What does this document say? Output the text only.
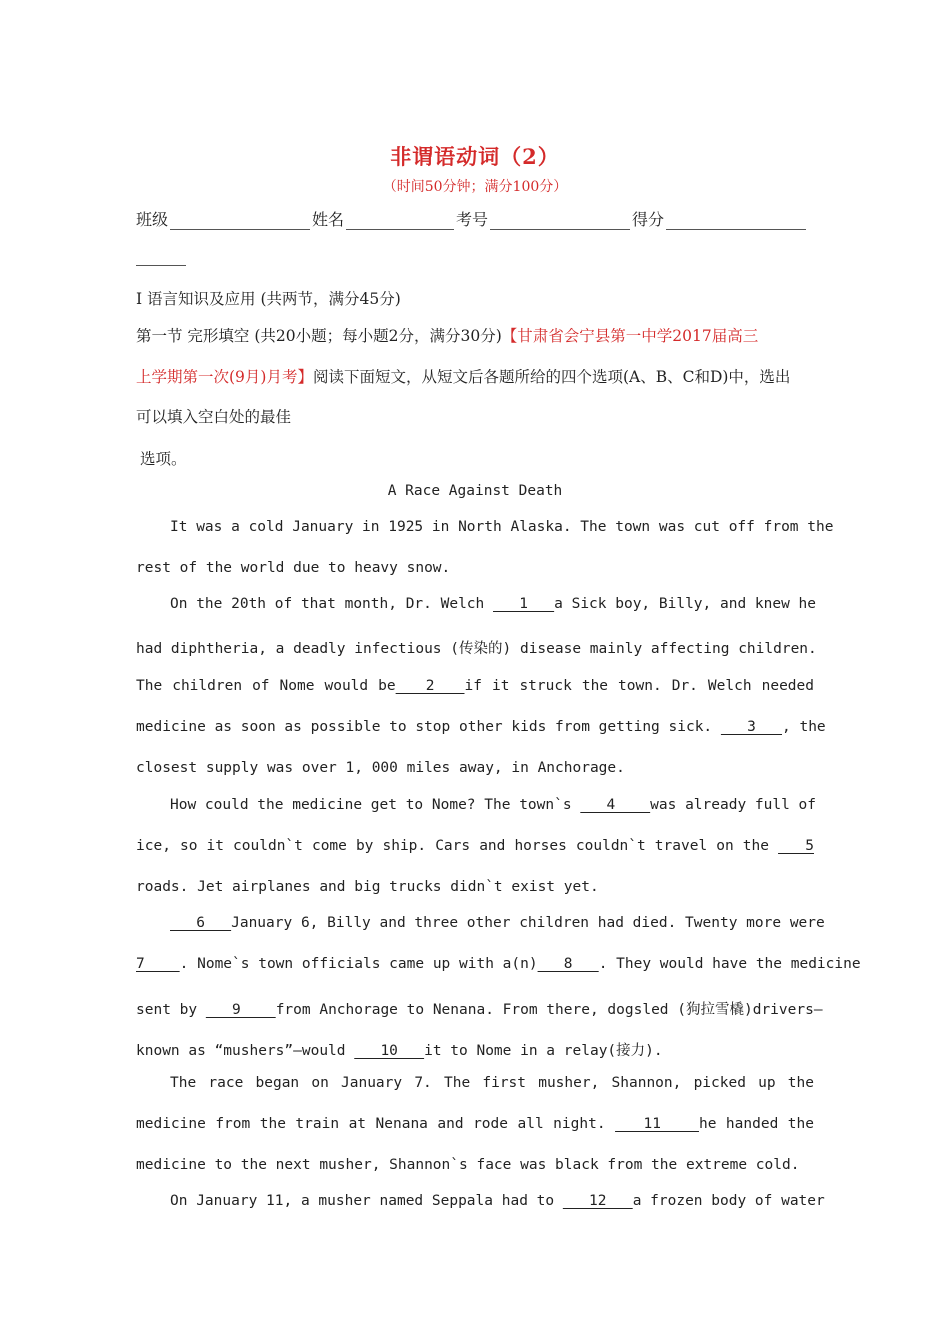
非谓语动词（2）
（时间50分钟；满分100分）
班级	姓名	考号	得分
I 语言知识及应用 (共两节，满分45分)
第一节 完形填空 (共20小题；每小题2分，满分30分)【甘肃省会宁县第一中学2017届高三
上学期第一次(9月)月考】阅读下面短文，从短文后各题所给的四个选项(A、B、C和D)中，选出
可以填入空白处的最佳
选项。
A Race Against Death
It was a cold January in 1925 in North Alaska. The town was cut off from the
rest of the world due to heavy snow.
On the 20th of that month, Dr. Welch    1   a Sick boy, Billy, and knew he
had diphtheria, a deadly infectious (传染的) disease mainly affecting children.
The children of Nome would be   2   if it struck the town. Dr. Welch needed
medicine as soon as possible to stop other kids from getting sick.    3   , the
closest supply was over 1, 000 miles away, in Anchorage.
How could the medicine get to Nome? The town`s    4    was already full of
ice, so it couldn`t come by ship. Cars and horses couldn`t travel on the    5
roads. Jet airplanes and big trucks didn`t exist yet.
6   January 6, Billy and three other children had died. Twenty more were
7    . Nome`s town officials came up with a(n)   8   . They would have the medicine
sent by    9    from Anchorage to Nenana. From there, dogsled (狗拉雪橇)drivers—
known as “mushers”—would    10   it to Nome in a relay(接力).
The race began on January 7. The first musher, Shannon, picked up the
medicine from the train at Nenana and rode all night.    11    he handed the
medicine to the next musher, Shannon`s face was black from the extreme cold.
On January 11, a musher named Seppala had to    12   a frozen body of water
